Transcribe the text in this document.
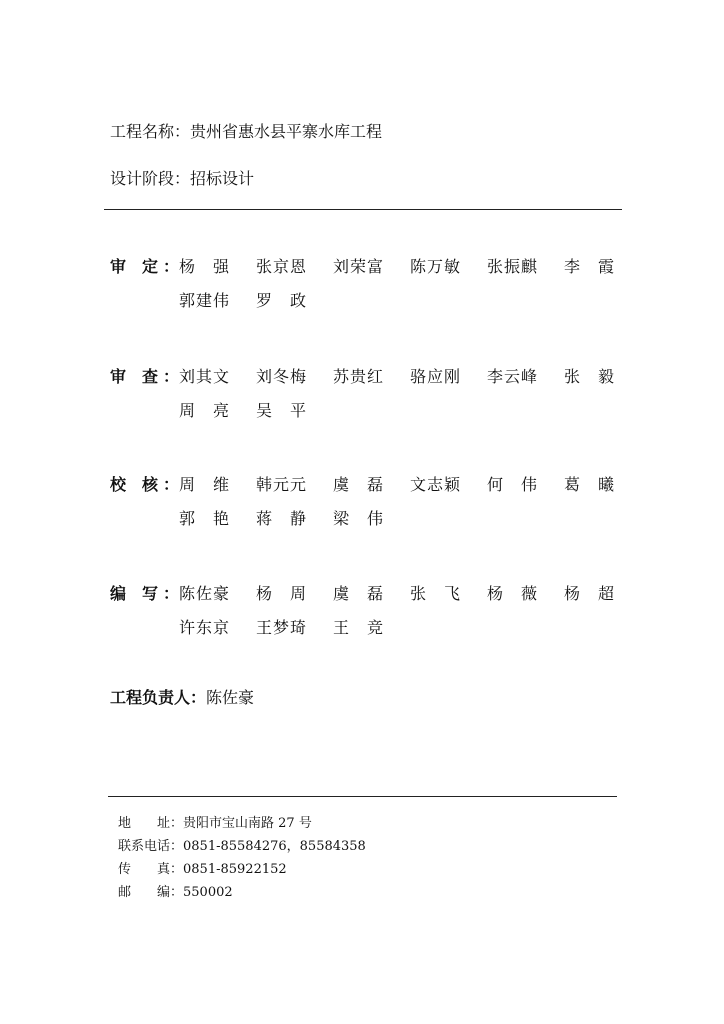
工程名称：贵州省惠水县平寨水库工程
设计阶段：招标设计
审　定 ： 杨　强 张京恩 刘荣富 陈万敏 张振麒 李　霞
郭建伟 罗　政
审　查 ： 刘其文 刘冬梅 苏贵红 骆应刚 李云峰 张　毅
周　亮 吴　平
校　核 ： 周　维 韩元元 虞　磊 文志颖 何　伟 葛　曦
郭　艳 蒋　静 梁　伟
编　写 ： 陈佐豪 杨　周 虞　磊 张　飞 杨　薇 杨　超
许东京 王梦琦 王　竞
工程负责人：陈佐豪
地　　址：贵阳市宝山南路 27 号
联系电话：0851-85584276，85584358
传　　真：0851-85922152
邮　　编：550002
